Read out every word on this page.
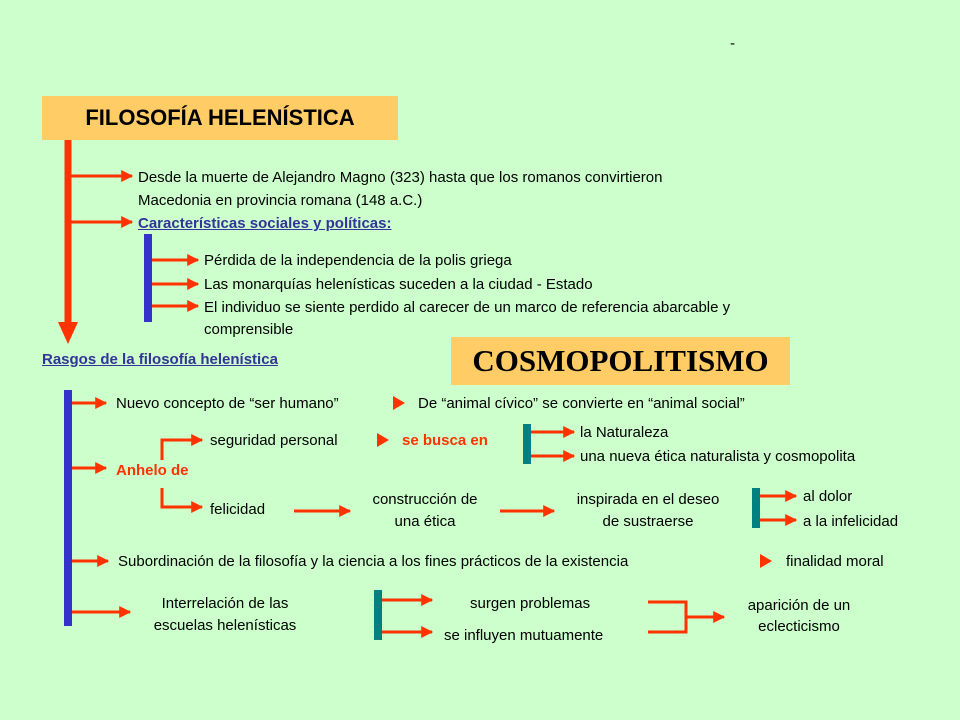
-
FILOSOFÍA HELENÍSTICA
Desde la muerte de Alejandro Magno (323) hasta que los romanos convirtieron
Macedonia en provincia romana (148 a.C.)
Características sociales y políticas:
Pérdida de la independencia de la polis griega
Las monarquías helenísticas suceden a la ciudad - Estado
El individuo se siente perdido al carecer de un marco de referencia abarcable y
comprensible
COSMOPOLITISMO
Rasgos de la filosofía helenística
Nuevo concepto de “ser humano”	De “animal cívico” se convierte en “animal social”
seguridad personal	se busca en	la Naturaleza
una nueva ética naturalista y cosmopolita
Anhelo de
felicidad
construcción de
una ética
inspirada en el deseo
de sustraerse
al dolor
a la infelicidad
Subordinación de la filosofía y la ciencia a los fines prácticos de la existencia	finalidad moral
Interrelación de las
escuelas helenísticas
surgen problemas
se influyen mutuamente
aparición de un
eclecticismo
